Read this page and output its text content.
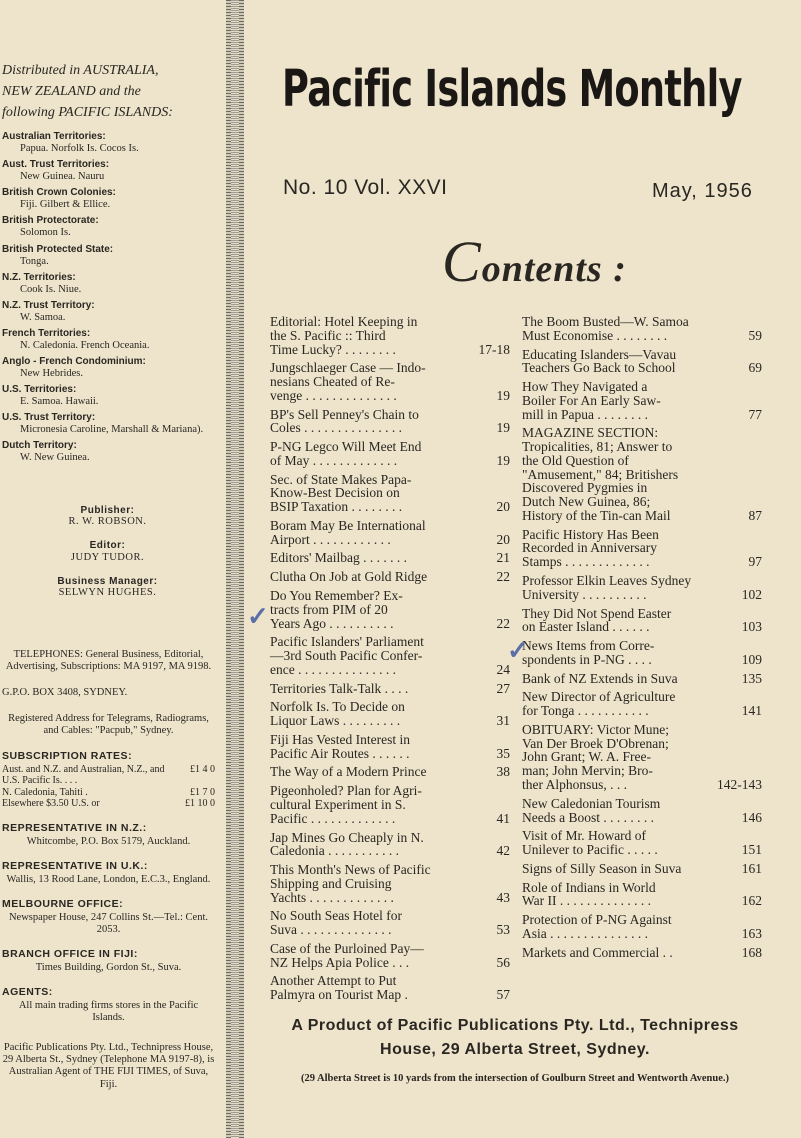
Distributed in AUSTRALIA,
NEW ZEALAND and the
following PACIFIC ISLANDS:
Australian Territories:
Papua. Norfolk Is. Cocos Is.
Aust. Trust Territories:
New Guinea. Nauru
British Crown Colonies:
Fiji. Gilbert & Ellice.
British Protectorate:
Solomon Is.
British Protected State:
Tonga.
N.Z. Territories:
Cook Is. Niue.
N.Z. Trust Territory:
W. Samoa.
French Territories:
N. Caledonia. French Oceania.
Anglo - French Condominium:
New Hebrides.
U.S. Territories:
E. Samoa. Hawaii.
U.S. Trust Territory:
Micronesia Caroline, Marshall & Mariana).
Dutch Territory:
W. New Guinea.
Publisher:
R. W. ROBSON.
Editor:
JUDY TUDOR.
Business Manager:
SELWYN HUGHES.
TELEPHONES: General Business, Editorial, Advertising, Subscriptions: MA 9197, MA 9198.
G.P.O. BOX 3408, SYDNEY.
Registered Address for Telegrams, Radiograms, and Cables: "Pacpub," Sydney.
SUBSCRIPTION RATES:
Aust. and N.Z. and Australian, N.Z., and U.S. Pacific Is. . . .
£1 4 0
N. Caledonia, Tahiti .	£1 7 0
Elsewhere $3.50 U.S. or	£1 10 0
REPRESENTATIVE IN N.Z.:
Whitcombe, P.O. Box 5179, Auckland.
REPRESENTATIVE IN U.K.:
Wallis, 13 Rood Lane, London, E.C.3., England.
MELBOURNE OFFICE:
Newspaper House, 247 Collins St.—Tel.: Cent. 2053.
BRANCH OFFICE IN FIJI:
Times Building, Gordon St., Suva.
AGENTS:
All main trading firms stores in the Pacific Islands.
Pacific Publications Pty. Ltd., Technipress House, 29 Alberta St., Sydney (Telephone MA 9197-8), is Australian Agent of THE FIJI TIMES, of Suva, Fiji.
Pacific Islands Monthly
No. 10 Vol. XXVI	May, 1956
Contents :
Editorial: Hotel Keeping in
the S. Pacific :: Third
Time Lucky? . . . . . . . .	17-18
Jungschlaeger Case — Indo-
nesians Cheated of Re-
venge . . . . . . . . . . . . . .	19
BP's Sell Penney's Chain to
Coles . . . . . . . . . . . . . . .	19
P-NG Legco Will Meet End
of May . . . . . . . . . . . . .	19
Sec. of State Makes Papa-
Know-Best Decision on
BSIP Taxation . . . . . . . .	20
Boram May Be International
Airport . . . . . . . . . . . .	20
Editors' Mailbag . . . . . . .	21
Clutha On Job at Gold Ridge	22
Do You Remember? Ex-
tracts from PIM of 20
Years Ago . . . . . . . . . .	22
Pacific Islanders' Parliament
—3rd South Pacific Confer-
ence . . . . . . . . . . . . . . .	24
Territories Talk-Talk . . . .	27
Norfolk Is. To Decide on
Liquor Laws . . . . . . . . .	31
Fiji Has Vested Interest in
Pacific Air Routes . . . . . .	35
The Way of a Modern Prince	38
Pigeonholed? Plan for Agri-
cultural Experiment in S.
Pacific . . . . . . . . . . . . .	41
Jap Mines Go Cheaply in N.
Caledonia . . . . . . . . . . .	42
This Month's News of Pacific
Shipping and Cruising
Yachts . . . . . . . . . . . . .	43
No South Seas Hotel for
Suva . . . . . . . . . . . . . .	53
Case of the Purloined Pay—
NZ Helps Apia Police . . .	56
Another Attempt to Put
Palmyra on Tourist Map .	57
The Boom Busted—W. Samoa
Must Economise . . . . . . . .	59
Educating Islanders—Vavau
Teachers Go Back to School	69
How They Navigated a
Boiler For An Early Saw-
mill in Papua . . . . . . . .	77
MAGAZINE SECTION:
Tropicalities, 81; Answer to
the Old Question of
"Amusement," 84; Britishers
Discovered Pygmies in
Dutch New Guinea, 86;
History of the Tin-can Mail	87
Pacific History Has Been
Recorded in Anniversary
Stamps . . . . . . . . . . . . .	97
Professor Elkin Leaves Sydney
University . . . . . . . . . .	102
They Did Not Spend Easter
on Easter Island . . . . . .	103
News Items from Corre-
spondents in P-NG . . . .	109
Bank of NZ Extends in Suva	135
New Director of Agriculture
for Tonga . . . . . . . . . . .	141
OBITUARY: Victor Mune;
Van Der Broek D'Obrenan;
John Grant; W. A. Free-
man; John Mervin; Bro-
ther Alphonsus, . . .	142-143
New Caledonian Tourism
Needs a Boost . . . . . . . .	146
Visit of Mr. Howard of
Unilever to Pacific . . . . .	151
Signs of Silly Season in Suva	161
Role of Indians in World
War II . . . . . . . . . . . . . .	162
Protection of P-NG Against
Asia . . . . . . . . . . . . . . .	163
Markets and Commercial . .	168
✓
✓
A Product of Pacific Publications Pty. Ltd., Technipress
House, 29 Alberta Street, Sydney.
(29 Alberta Street is 10 yards from the intersection of Goulburn Street and Wentworth Avenue.)
